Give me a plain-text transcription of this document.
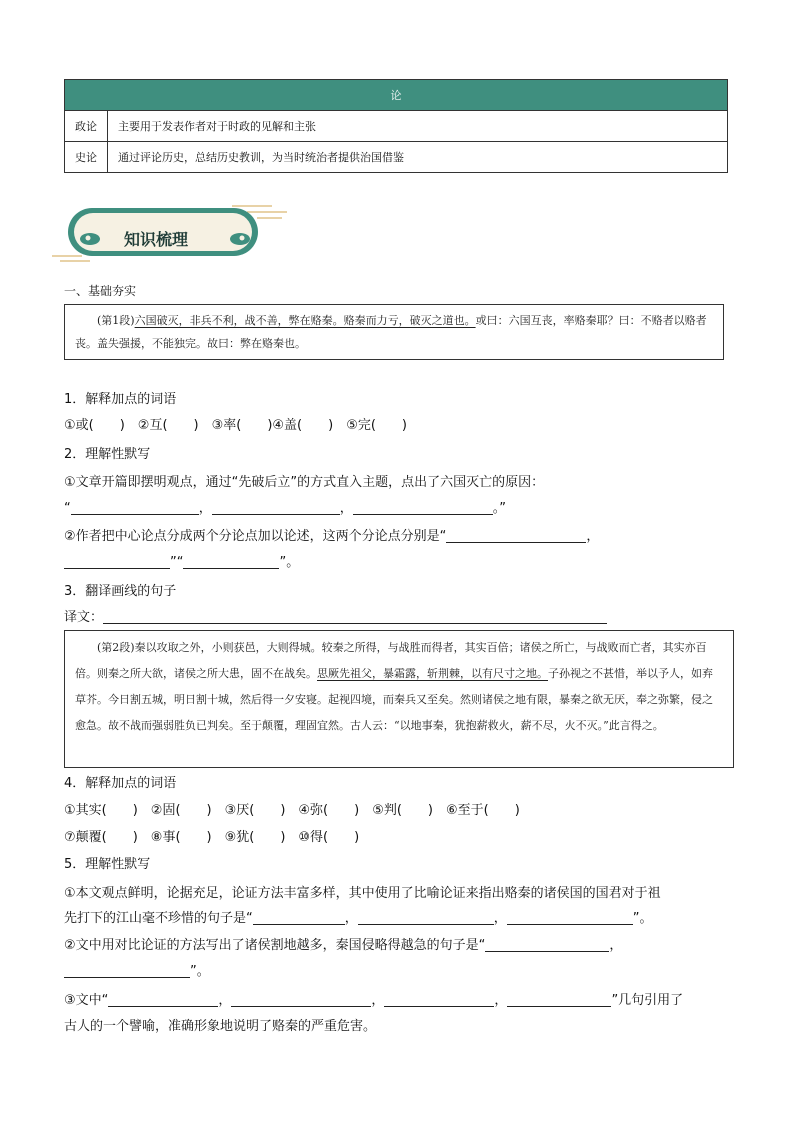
论	
政论	主要用于发表作者对于时政的见解和主张
史论	通过评论历史，总结历史教训，为当时统治者提供治国借鉴
知识梳理
一、基础夯实

(第1段)六国破灭，非兵不利，战不善，弊在赂秦。赂秦而力亏，破灭之道也。或曰：六国互丧，率赂秦耶？曰：不赂者以赂者丧。盖失强援，不能独完。故曰：弊在赂秦也。

1．解释加点的词语
①或(　　)　②互(　　)　③率(　　)④盖(　　)　⑤完(　　)
2．理解性默写
①文章开篇即摆明观点，通过“先破后立”的方式直入主题，点出了六国灭亡的原因：
“	，	，	。”
②作者把中心论点分成两个分论点加以论述，这两个分论点分别是“	，
”“	”。
3．翻译画线的句子
译文：

(第2段)秦以攻取之外，小则获邑，大则得城。较秦之所得，与战胜而得者，其实百倍；诸侯之所亡，与战败而亡者，其实亦百倍。则秦之所大欲，诸侯之所大患，固不在战矣。思厥先祖父，暴霜露，斩荆棘，以有尺寸之地。子孙视之不甚惜，举以予人，如弃草芥。今日割五城，明日割十城，然后得一夕安寝。起视四境，而秦兵又至矣。然则诸侯之地有限，暴秦之欲无厌，奉之弥繁，侵之愈急。故不战而强弱胜负已判矣。至于颠覆，理固宜然。古人云：“以地事秦，犹抱薪救火，薪不尽，火不灭。”此言得之。

4．解释加点的词语
①其实(　　)　②固(　　)　③厌(　　)　④弥(　　)　⑤判(　　)　⑥至于(　　)
⑦颠覆(　　)　⑧事(　　)　⑨犹(　　)　⑩得(　　)
5．理解性默写
①本文观点鲜明，论据充足，论证方法丰富多样，其中使用了比喻论证来指出赂秦的诸侯国的国君对于祖
先打下的江山毫不珍惜的句子是“	，	，	”。
②文中用对比论证的方法写出了诸侯割地越多，秦国侵略得越急的句子是“	，
”。
③文中“	，	，	，	”几句引用了
古人的一个譬喻，准确形象地说明了赂秦的严重危害。
